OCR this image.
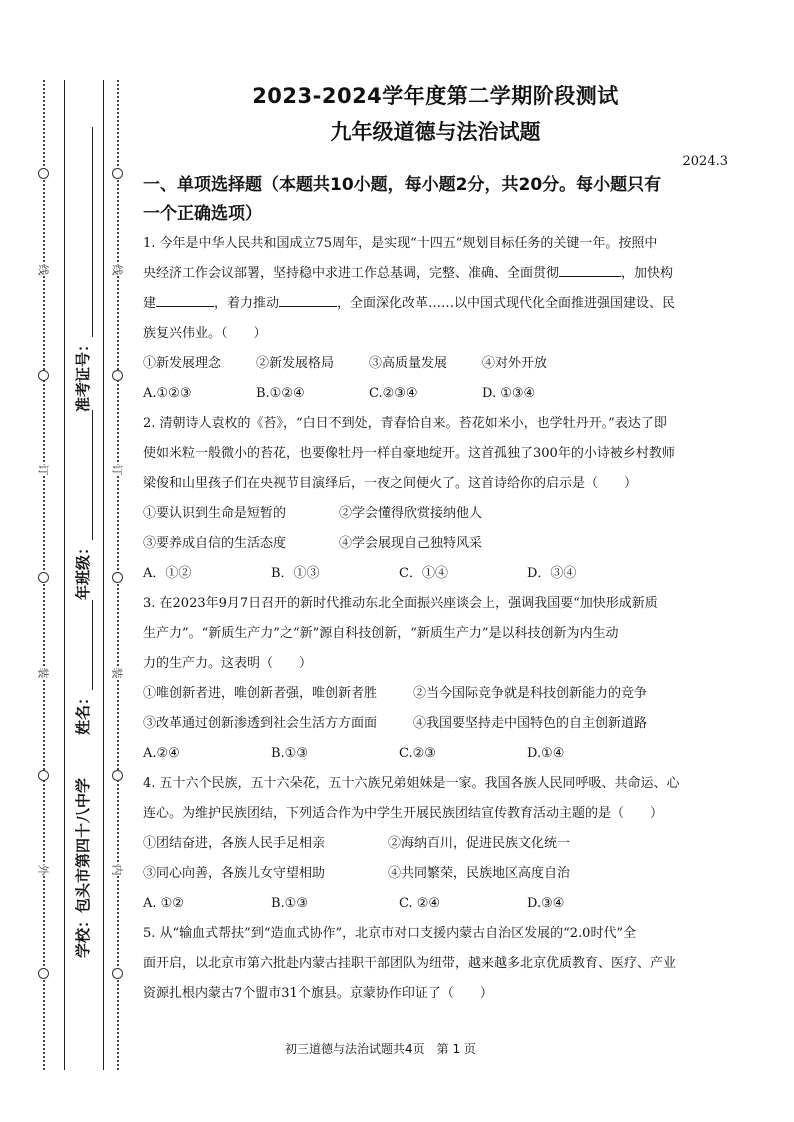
线
订
装
外
线
订
装
内
学校：包头市第四十八中学
姓名：
年班级：
准考证号：
2023-2024学年度第二学期阶段测试
九年级道德与法治试题
2024.3
一、单项选择题（本题共10小题，每小题2分，共20分。每小题只有
一个正确选项）

1. 今年是中华人民共和国成立75周年，是实现“十四五”规划目标任务的关键一年。按照中

央经济工作会议部署，坚持稳中求进工作总基调，完整、准确、全面贯彻	，加快构

建	，着力推动	，全面深化改革……以中国式现代化全面推进强国建设、民

族复兴伟业。（　　）

①新发展理念	②新发展格局	③高质量发展	④对外开放
A.①②③	B.①②④	C.②③④	D. ①③④

2. 清朝诗人袁枚的《苔》，“白日不到处，青春恰自来。苔花如米小，也学牡丹开。”表达了即

使如米粒一般微小的苔花，也要像牡丹一样自豪地绽开。这首孤独了300年的小诗被乡村教师

梁俊和山里孩子们在央视节目演绎后，一夜之间便火了。这首诗给你的启示是（　　）

①要认识到生命是短暂的	②学会懂得欣赏接纳他人
③要养成自信的生活态度	④学会展现自己独特风采
A．①②	B．①③	C．①④	D．③④

3. 在2023年9月7日召开的新时代推动东北全面振兴座谈会上，强调我国要“加快形成新质

生产力”。“新质生产力”之“新”源自科技创新，“新质生产力”是以科技创新为内生动

力的生产力。这表明（　　）

①唯创新者进，唯创新者强，唯创新者胜	②当今国际竞争就是科技创新能力的竞争
③改革通过创新渗透到社会生活方方面面	④我国要坚持走中国特色的自主创新道路
A.②④	B.①③	C.②③	D.①④

4. 五十六个民族，五十六朵花，五十六族兄弟姐妹是一家。我国各族人民同呼吸、共命运、心

连心。为维护民族团结，下列适合作为中学生开展民族团结宣传教育活动主题的是（　　）

①团结奋进，各族人民手足相亲	②海纳百川，促进民族文化统一
③同心向善，各族儿女守望相助	④共同繁荣，民族地区高度自治
A. ①②	B.①③	C. ②④	D.③④

5. 从“输血式帮扶”到“造血式协作”，北京市对口支援内蒙古自治区发展的“2.0时代”全

面开启，以北京市第六批赴内蒙古挂职干部团队为纽带，越来越多北京优质教育、医疗、产业

资源扎根内蒙古7个盟市31个旗县。京蒙协作印证了（　　）

初三道德与法治试题共4页　第 1 页
